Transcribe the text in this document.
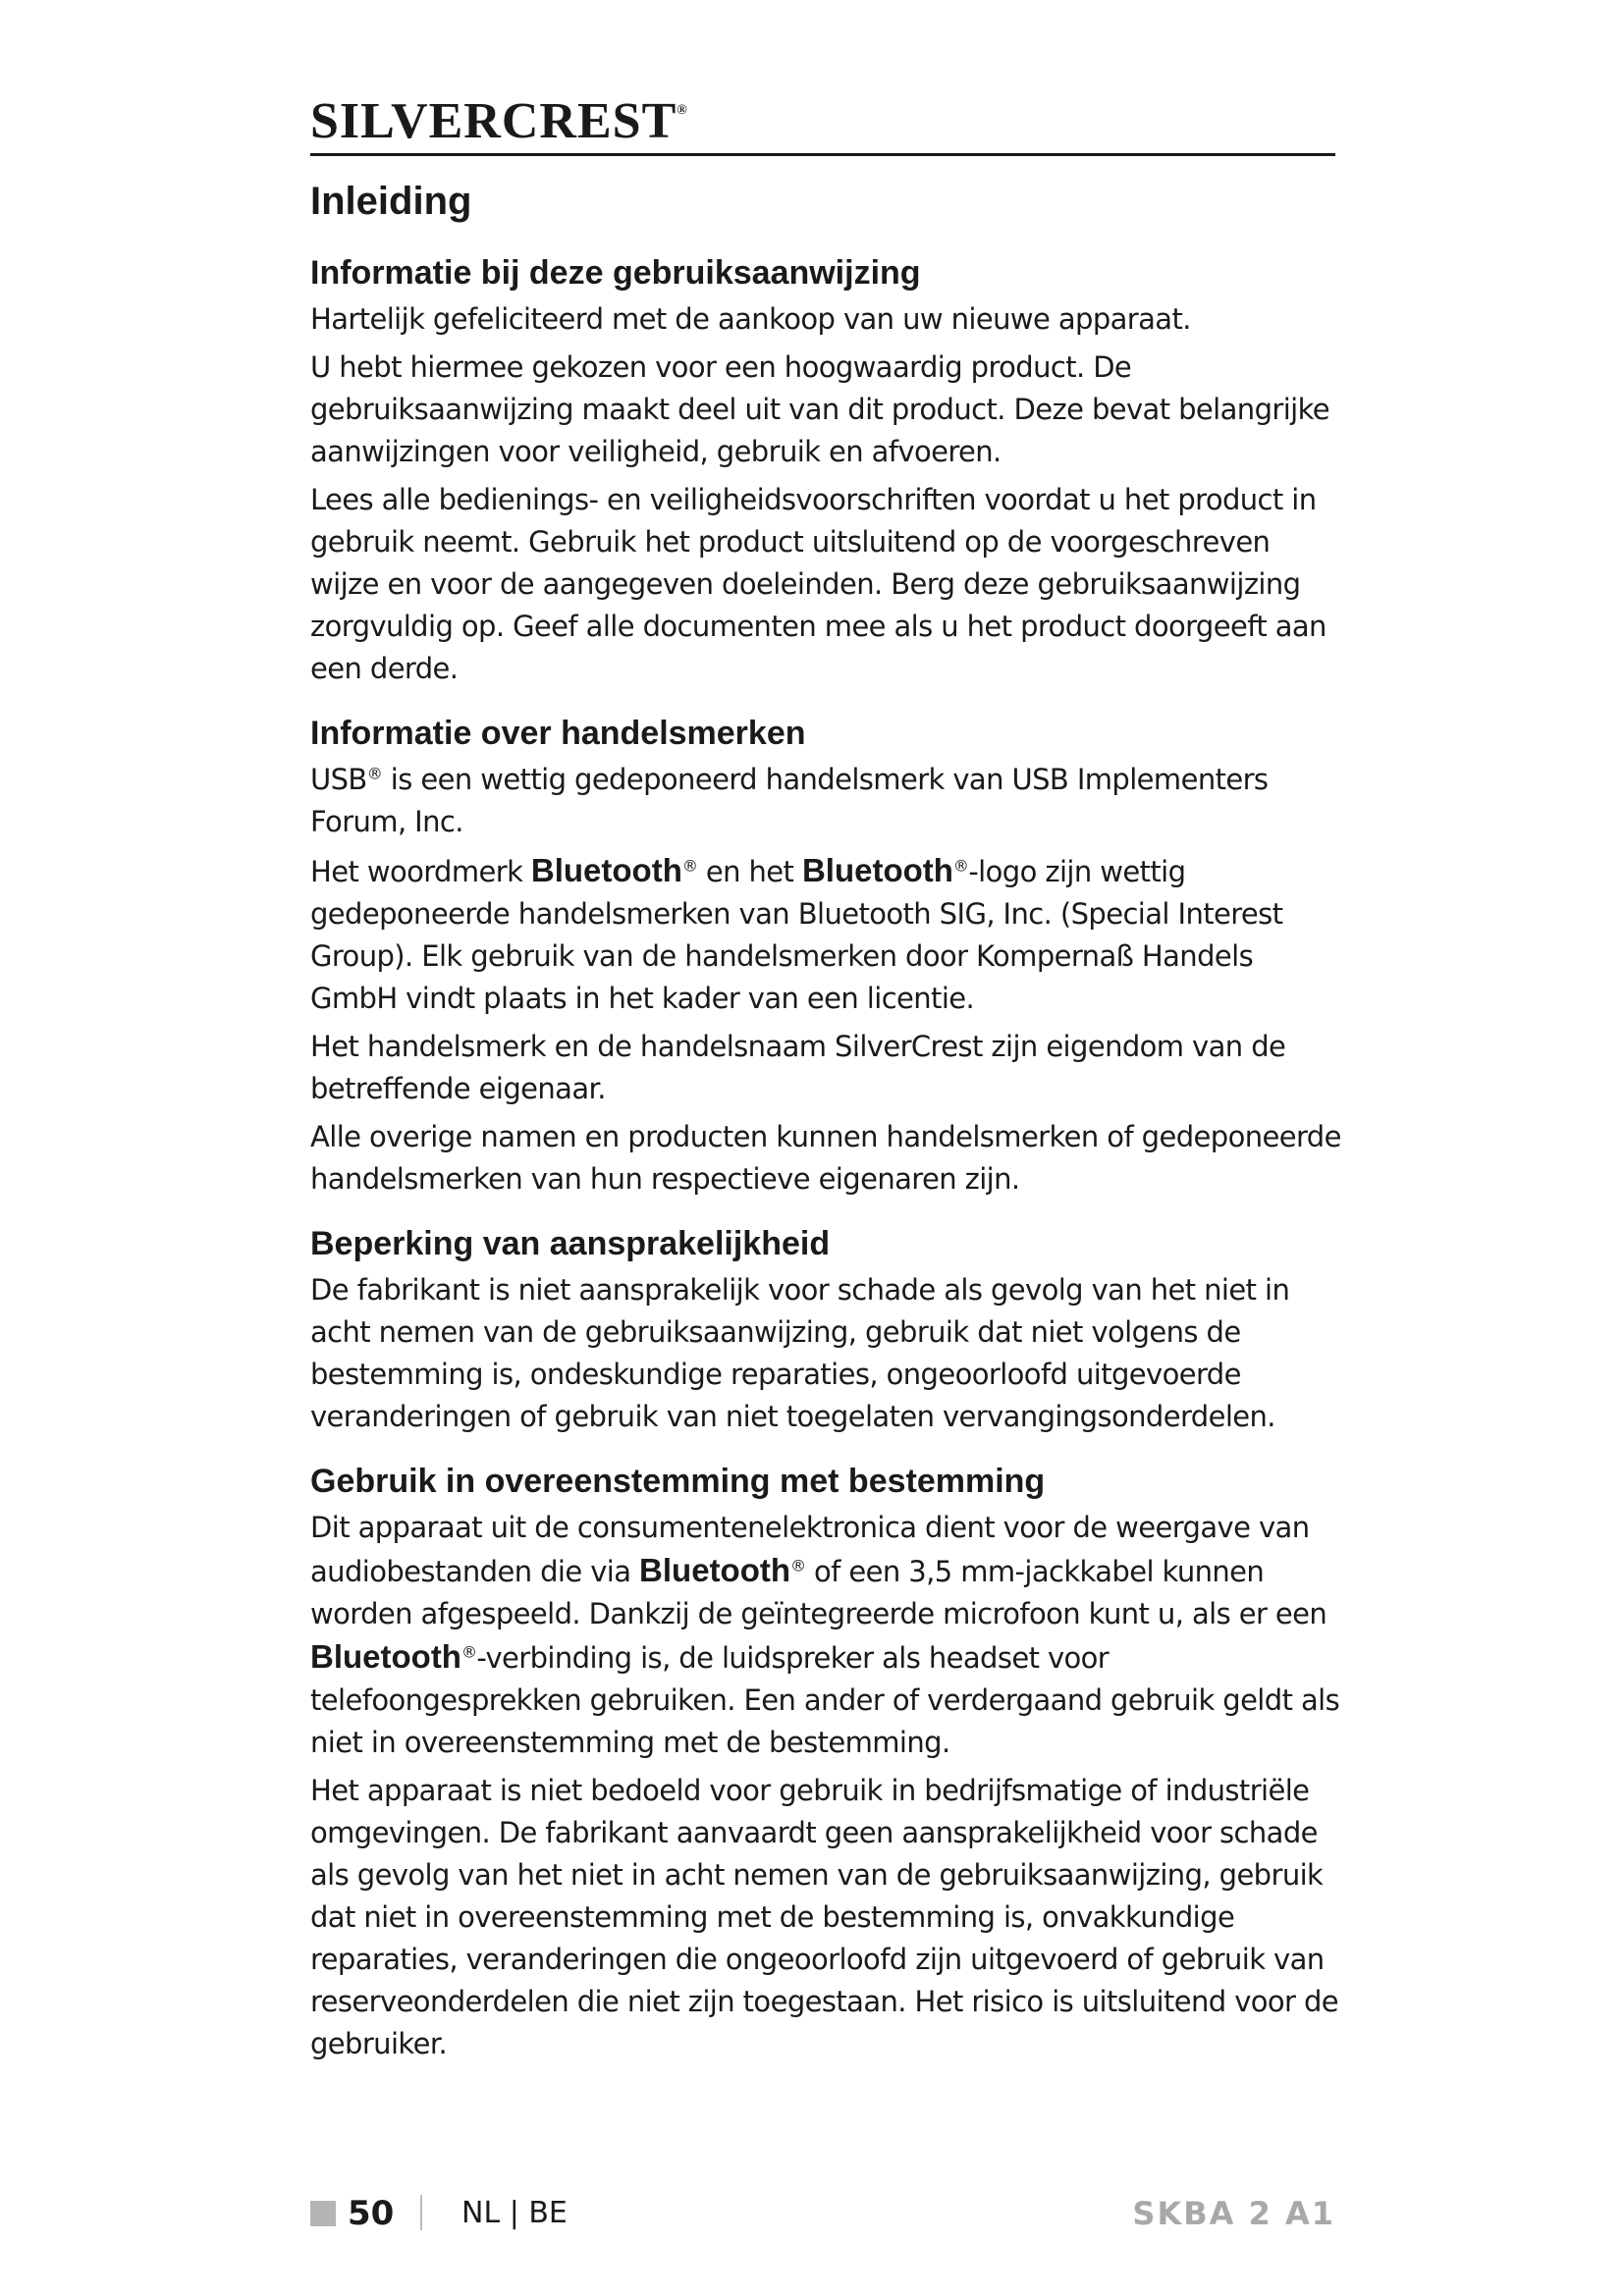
SILVERCREST®
Inleiding
Informatie bij deze gebruiksaanwijzing

Hartelijk gefeliciteerd met de aankoop van uw nieuwe apparaat.

U hebt hiermee gekozen voor een hoogwaardig product. De gebruiksaanwijzing maakt deel uit van dit product. Deze bevat belangrijke aanwijzingen voor veiligheid, gebruik en afvoeren.

Lees alle bedienings- en veiligheidsvoorschriften voordat u het product in gebruik neemt. Gebruik het product uitsluitend op de voorgeschreven wijze en voor de aangegeven doeleinden. Berg deze gebruiksaanwijzing zorgvuldig op. Geef alle documenten mee als u het product doorgeeft aan een derde.

Informatie over handelsmerken

USB® is een wettig gedeponeerd handelsmerk van USB Implementers Forum, Inc.

Het woordmerk Bluetooth® en het Bluetooth®-logo zijn wettig gedeponeerde handelsmerken van Bluetooth SIG, Inc. (Special Interest Group). Elk gebruik van de handelsmerken door Kompernaß Handels GmbH vindt plaats in het kader van een licentie.

Het handelsmerk en de handelsnaam SilverCrest zijn eigendom van de betreffende eigenaar.

Alle overige namen en producten kunnen handelsmerken of gedeponeerde handelsmerken van hun respectieve eigenaren zijn.

Beperking van aansprakelijkheid

De fabrikant is niet aansprakelijk voor schade als gevolg van het niet in acht nemen van de gebruiksaanwijzing, gebruik dat niet volgens de bestemming is, ondeskundige reparaties, ongeoorloofd uitgevoerde veranderingen of gebruik van niet toegelaten vervangingsonderdelen.

Gebruik in overeenstemming met bestemming

Dit apparaat uit de consumentenelektronica dient voor de weergave van audiobestanden die via Bluetooth® of een 3,5 mm-jackkabel kunnen worden afgespeeld. Dankzij de geïntegreerde microfoon kunt u, als er een Bluetooth®-verbinding is, de luidspreker als headset voor telefoongesprekken gebruiken. Een ander of verdergaand gebruik geldt als niet in overeenstemming met de bestemming.

Het apparaat is niet bedoeld voor gebruik in bedrijfsmatige of industriële omgevingen. De fabrikant aanvaardt geen aansprakelijkheid voor schade als gevolg van het niet in acht nemen van de gebruiksaanwijzing, gebruik dat niet in overeenstemming met de bestemming is, onvakkundige reparaties, veranderingen die ongeoorloofd zijn uitgevoerd of gebruik van reserveonderdelen die niet zijn toegestaan. Het risico is uitsluitend voor de gebruiker.

50 NL | BE	SKBA 2 A1
